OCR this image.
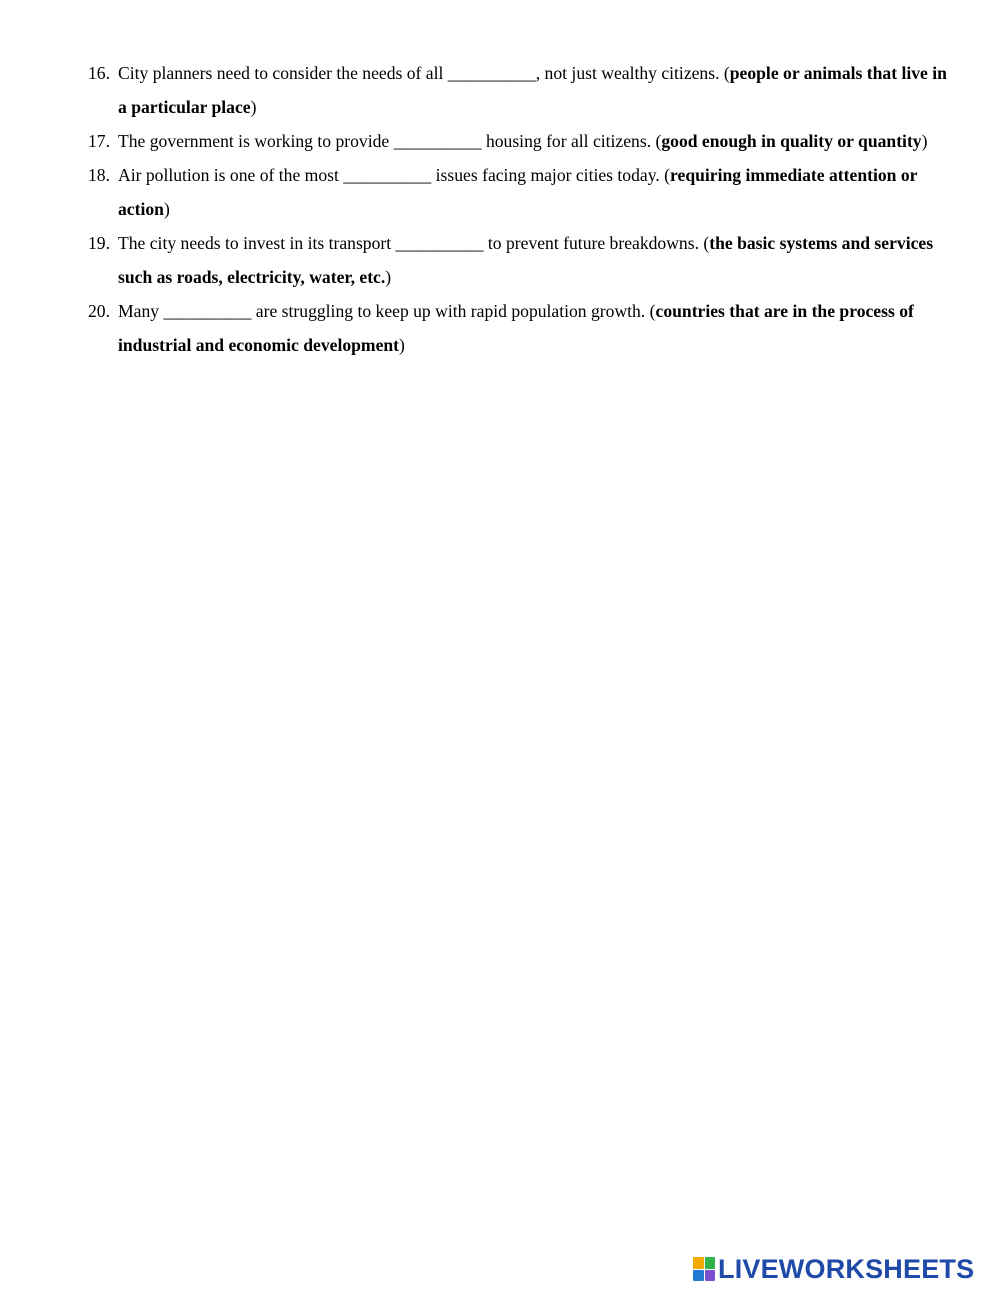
16. City planners need to consider the needs of all __________, not just wealthy citizens. (people or animals that live in a particular place)
17. The government is working to provide __________ housing for all citizens. (good enough in quality or quantity)
18. Air pollution is one of the most __________ issues facing major cities today. (requiring immediate attention or action)
19. The city needs to invest in its transport __________ to prevent future breakdowns. (the basic systems and services such as roads, electricity, water, etc.)
20. Many __________ are struggling to keep up with rapid population growth. (countries that are in the process of industrial and economic development)
LIVEWORKSHEETS
